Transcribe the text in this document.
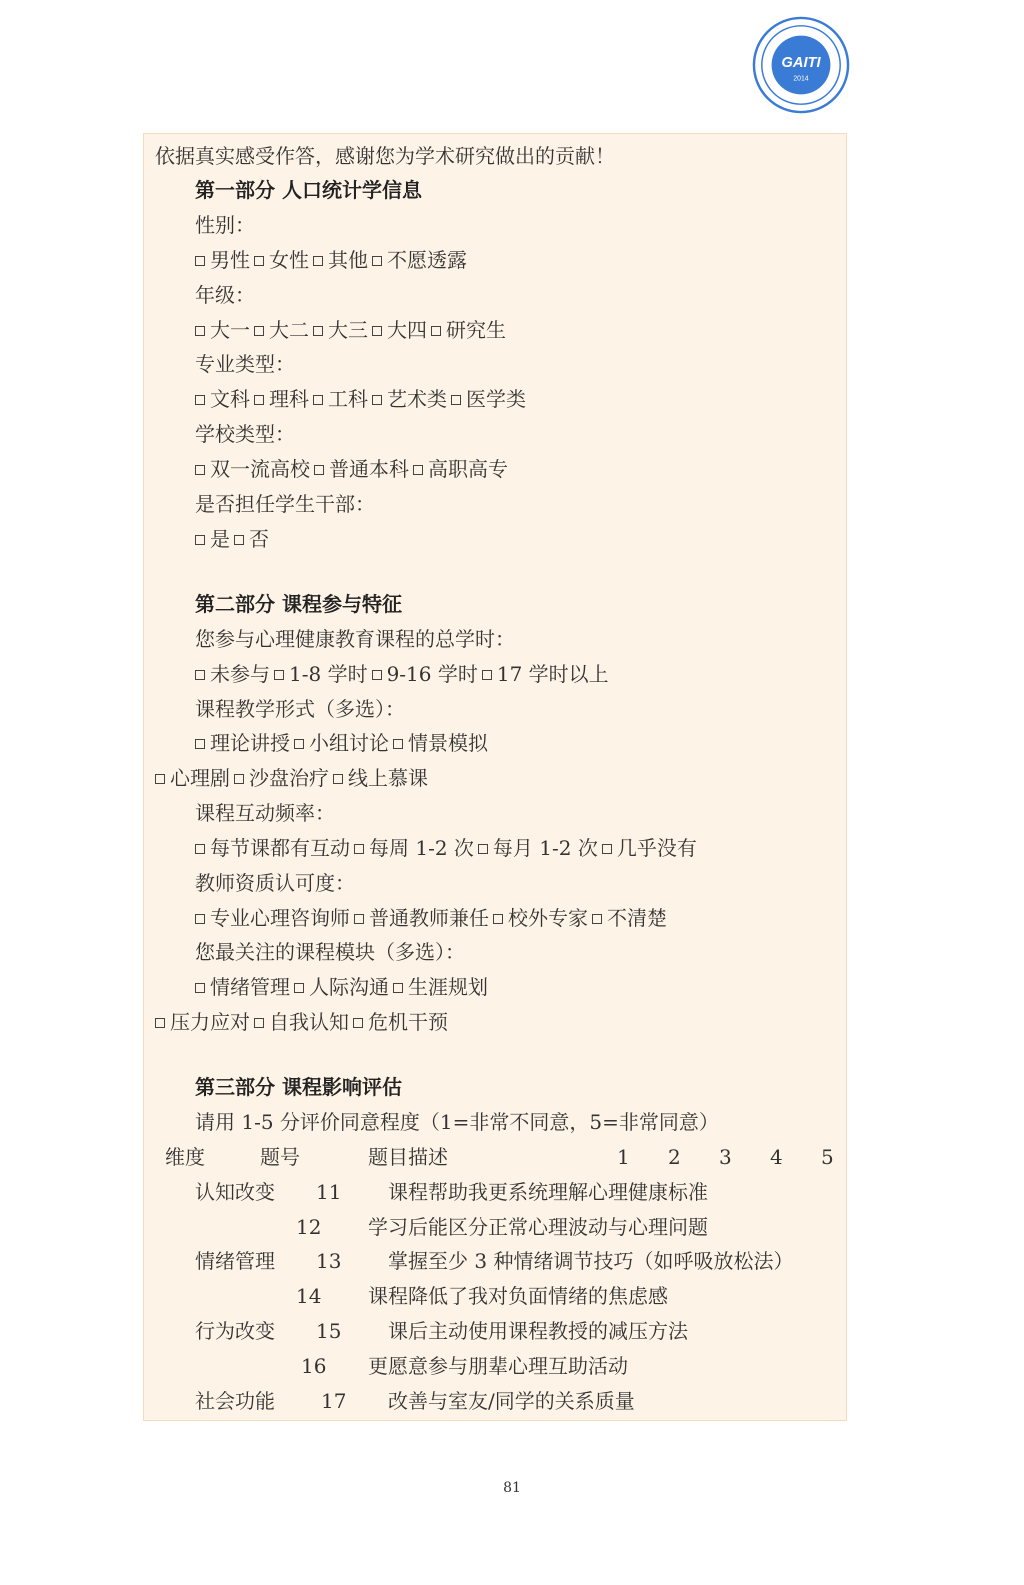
GAITI
2014
依据真实感受作答，感谢您为学术研究做出的贡献！
第一部分 人口统计学信息
性别：
男性 女性 其他 不愿透露
年级：
大一 大二 大三 大四 研究生
专业类型：
文科 理科 工科 艺术类 医学类
学校类型：
双一流高校 普通本科 高职高专
是否担任学生干部：
是 否
第二部分 课程参与特征
您参与心理健康教育课程的总学时：
未参与 1-8 学时 9-16 学时 17 学时以上
课程教学形式（多选）：
理论讲授 小组讨论 情景模拟
心理剧 沙盘治疗 线上慕课
课程互动频率：
每节课都有互动 每周 1-2 次 每月 1-2 次 几乎没有
教师资质认可度：
专业心理咨询师 普通教师兼任 校外专家 不清楚
您最关注的课程模块（多选）：
情绪管理 人际沟通 生涯规划
压力应对 自我认知 危机干预
第三部分 课程影响评估
请用 1-5 分评价同意程度（1=非常不同意，5=非常同意）
维度	题号	题目描述	1 2 3 4 5
认知改变 11 课程帮助我更系统理解心理健康标准
12 学习后能区分正常心理波动与心理问题
情绪管理 13 掌握至少 3 种情绪调节技巧（如呼吸放松法）
14 课程降低了我对负面情绪的焦虑感
行为改变 15 课后主动使用课程教授的减压方法
16 更愿意参与朋辈心理互助活动
社会功能 17 改善与室友/同学的关系质量
81
